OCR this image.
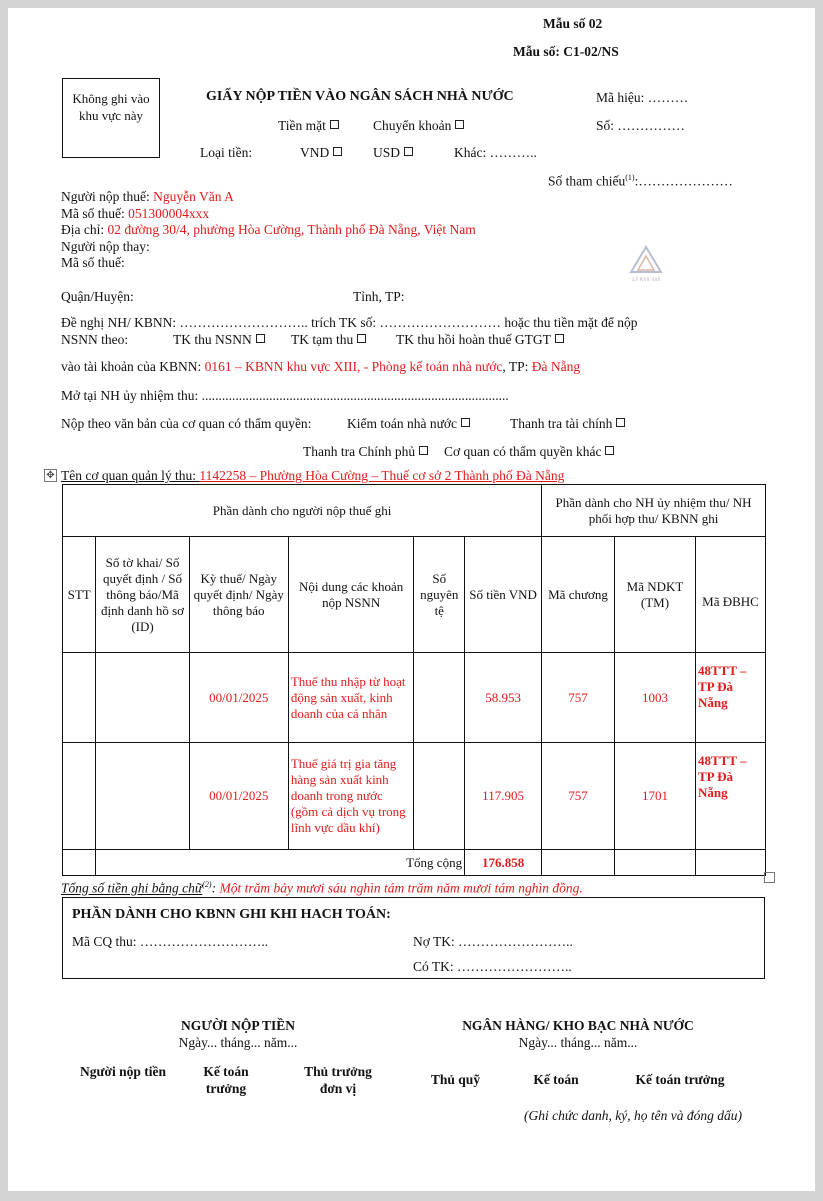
Mẫu số 02
Mẫu số: C1-02/NS
Không ghi vào khu vực này
GIẤY NỘP TIỀN VÀO NGÂN SÁCH NHÀ NƯỚC	Mã hiệu: ………
Tiền mặt	Chuyển khoản	Số: ……………
Loại tiền:	VND	USD	Khác: ………..
Số tham chiếu$^{(1)}$:…………………
Người nộp thuế: Nguyễn Văn A
Mã số thuế: 051300004xxx
Địa chỉ: 02 đường 30/4, phường Hòa Cường, Thành phố Đà Nẵng, Việt Nam
Người nộp thay:
Mã số thuế:
Lê Kim Anh
Quận/Huyện:	Tỉnh, TP:
Đề nghị NH/ KBNN: ……………………….. trích TK số: ……………………… hoặc thu tiền mặt để nộp
NSNN theo:	TK thu NSNN	TK tạm thu	TK thu hồi hoàn thuế GTGT
vào tài khoản của KBNN: 0161 – KBNN khu vực XIII, - Phòng kế toán nhà nước, TP: Đà Nẵng
Mở tại NH ủy nhiệm thu: ...........................................................................................
Nộp theo văn bản của cơ quan có thẩm quyền:	Kiểm toán nhà nước	Thanh tra tài chính
Thanh tra Chính phủ	Cơ quan có thẩm quyền khác
✥ Tên cơ quan quản lý thu: 1142258 – Phường Hòa Cường – Thuế cơ sở 2 Thành phố Đà Nẵng
Phần dành cho người nộp thuế ghi						Phần dành cho NH ủy nhiệm thu/ NH phối hợp thu/ KBNN ghi		
STT	Số tờ khai/ Số quyết định / Số thông báo/Mã định danh hồ sơ (ID)	Kỳ thuế/ Ngày quyết định/ Ngày thông báo	Nội dung các khoản nộp NSNN	Số nguyên tệ	Số tiền VND	Mã chương	Mã NDKT (TM)	Mã ĐBHC
		00/01/2025	Thuế thu nhập từ hoạt động sản xuất, kinh doanh của cá nhân		58.953	757	1003	48TTT – TP Đà Nẵng
		00/01/2025	Thuế giá trị gia tăng hàng sản xuất kinh doanh trong nước (gồm cả dịch vụ trong lĩnh vực dầu khí)		117.905	757	1701	48TTT – TP Đà Nẵng
	Tổng cộng				176.858			
Tổng số tiền ghi bằng chữ$^{(2)}$: Một trăm bảy mươi sáu nghìn tám trăm năm mươi tám nghìn đồng.
PHẦN DÀNH CHO KBNN GHI KHI HACH TOÁN:
Mã CQ thu: ………………………..	Nợ TK: ……………………..
Có TK: ……………………..
NGƯỜI NỘP TIỀN
Ngày... tháng... năm...
Người nộp tiền	Kế toán trưởng
Thủ trưởng đơn vị
NGÂN HÀNG/ KHO BẠC NHÀ NƯỚC
Ngày... tháng... năm...
Thủ quỹ	Kế toán	Kế toán trưởng
(Ghi chức danh, ký, họ tên và đóng dấu)
